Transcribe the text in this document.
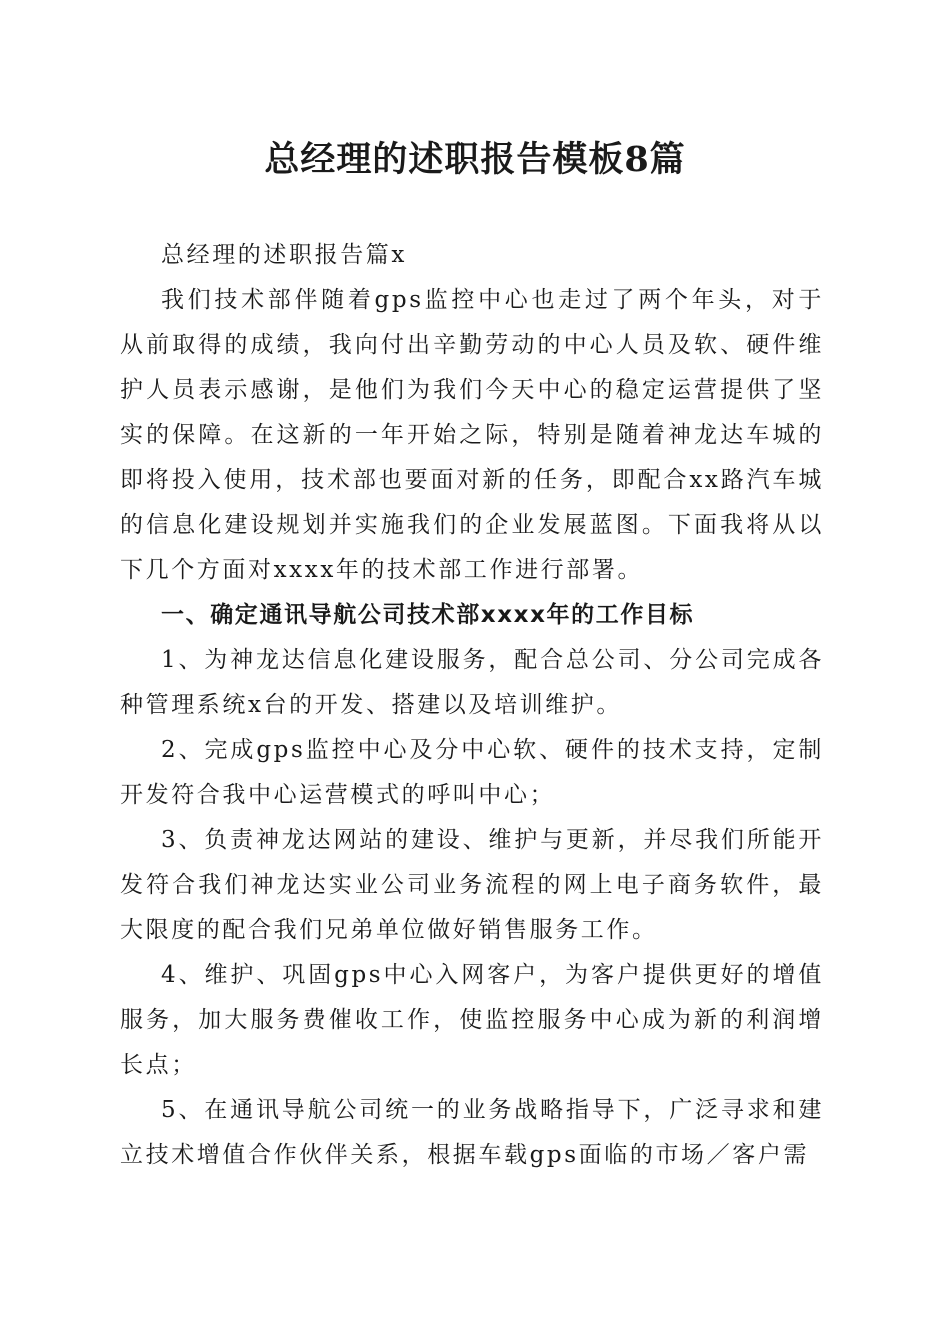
总经理的述职报告模板8篇

总经理的述职报告篇x

我们技术部伴随着gps监控中心也走过了两个年头，对于从前取得的成绩，我向付出辛勤劳动的中心人员及软、硬件维护人员表示感谢，是他们为我们今天中心的稳定运营提供了坚实的保障。在这新的一年开始之际，特别是随着神龙达车城的即将投入使用，技术部也要面对新的任务，即配合xx路汽车城的信息化建设规划并实施我们的企业发展蓝图。下面我将从以下几个方面对xxxx年的技术部工作进行部署。

一、确定通讯导航公司技术部xxxx年的工作目标

1、为神龙达信息化建设服务，配合总公司、分公司完成各种管理系统x台的开发、搭建以及培训维护。

2、完成gps监控中心及分中心软、硬件的技术支持，定制开发符合我中心运营模式的呼叫中心；

3、负责神龙达网站的建设、维护与更新，并尽我们所能开发符合我们神龙达实业公司业务流程的网上电子商务软件，最大限度的配合我们兄弟单位做好销售服务工作。

4、维护、巩固gps中心入网客户，为客户提供更好的增值服务，加大服务费催收工作，使监控服务中心成为新的利润增长点；

5、在通讯导航公司统一的业务战略指导下，广泛寻求和建立技术增值合作伙伴关系，根据车载gps面临的市场／客户需
